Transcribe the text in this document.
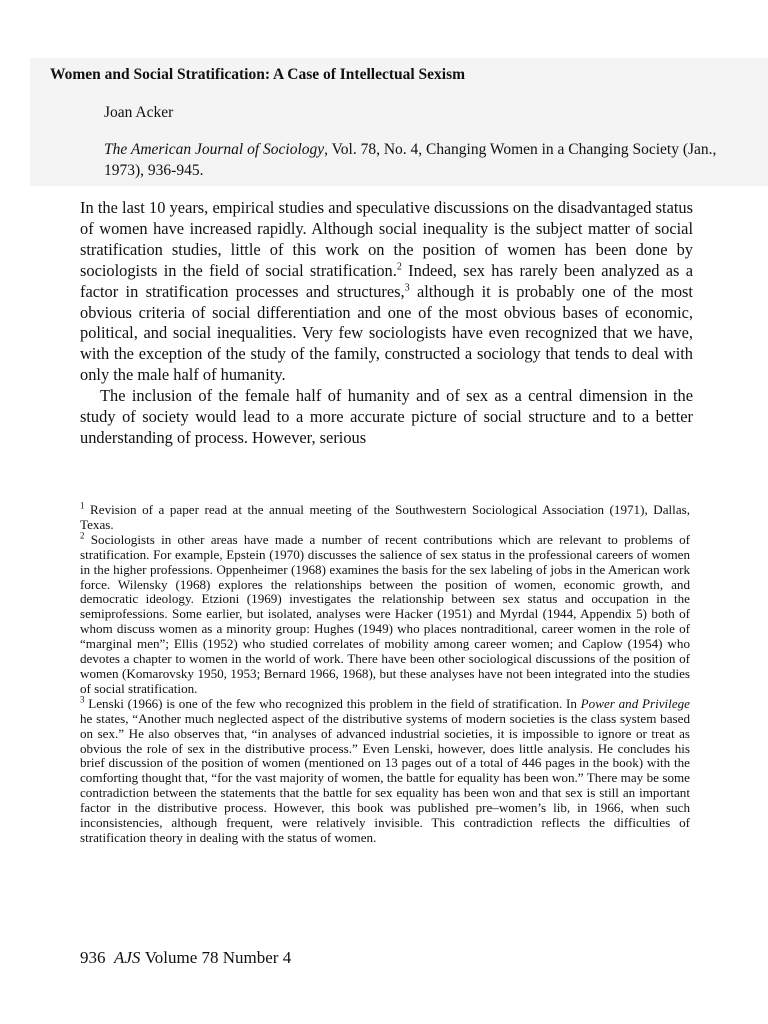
Women and Social Stratification: A Case of Intellectual Sexism
Joan Acker
The American Journal of Sociology, Vol. 78, No. 4, Changing Women in a Changing Society (Jan., 1973), 936-945.

In the last 10 years, empirical studies and speculative discussions on the disadvantaged status of women have increased rapidly. Although social inequality is the subject matter of social stratification studies, little of this work on the position of women has been done by sociologists in the field of social stratification.$^2$ Indeed, sex has rarely been analyzed as a factor in stratification processes and structures,$^3$ although it is probably one of the most obvious criteria of social differentiation and one of the most obvious bases of economic, political, and social inequalities. Very few sociologists have even recognized that we have, with the exception of the study of the family, constructed a sociology that tends to deal with only the male half of humanity.

The inclusion of the female half of humanity and of sex as a central dimension in the study of society would lead to a more accurate picture of social structure and to a better understanding of process. However, serious

$^1$ Revision of a paper read at the annual meeting of the Southwestern Sociological Association (1971), Dallas, Texas.

$^2$ Sociologists in other areas have made a number of recent contributions which are relevant to problems of stratification. For example, Epstein (1970) discusses the salience of sex status in the professional careers of women in the higher professions. Oppenheimer (1968) examines the basis for the sex labeling of jobs in the American work force. Wilensky (1968) explores the relationships between the position of women, economic growth, and democratic ideology. Etzioni (1969) investigates the relationship between sex status and occupation in the semiprofessions. Some earlier, but isolated, analyses were Hacker (1951) and Myrdal (1944, Appendix 5) both of whom discuss women as a minority group: Hughes (1949) who places nontraditional, career women in the role of “marginal men”; Ellis (1952) who studied correlates of mobility among career women; and Caplow (1954) who devotes a chapter to women in the world of work. There have been other sociological discussions of the position of women (Komarovsky 1950, 1953; Bernard 1966, 1968), but these analyses have not been integrated into the studies of social stratification.

$^3$ Lenski (1966) is one of the few who recognized this problem in the field of stratification. In Power and Privilege he states, “Another much neglected aspect of the distributive systems of modern societies is the class system based on sex.” He also observes that, “in analyses of advanced industrial societies, it is impossible to ignore or treat as obvious the role of sex in the distributive process.” Even Lenski, however, does little analysis. He concludes his brief discussion of the position of women (mentioned on 13 pages out of a total of 446 pages in the book) with the comforting thought that, “for the vast majority of women, the battle for equality has been won.” There may be some contradiction between the statements that the battle for sex equality has been won and that sex is still an important factor in the distributive process. However, this book was published pre–women’s lib, in 1966, when such inconsistencies, although frequent, were relatively invisible. This contradiction reflects the difficulties of stratification theory in dealing with the status of women.

936 AJS Volume 78 Number 4
